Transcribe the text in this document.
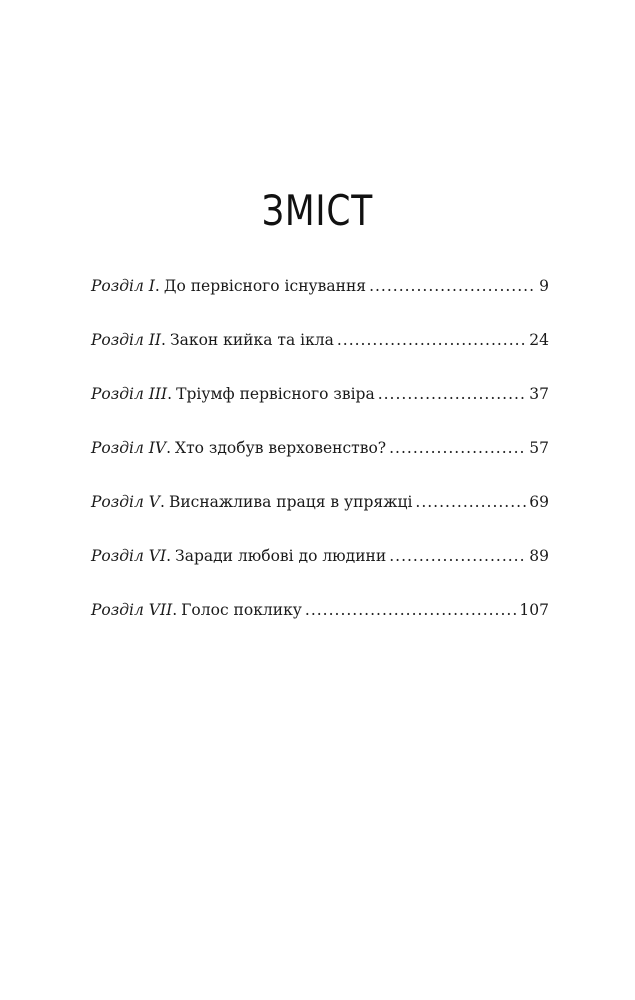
ЗМІСТ
Розділ I . До первісного існування .....	9
Розділ II . Закон кийка та ікла .....	24
Розділ III . Тріумф первісного звіра .....	37
Розділ IV . Хто здобув верховенство? .....	57
Розділ V . Виснажлива праця в упряжці .....	69
Розділ VI . Заради любові до людини .....	89
Розділ VII . Голос поклику .....	107
